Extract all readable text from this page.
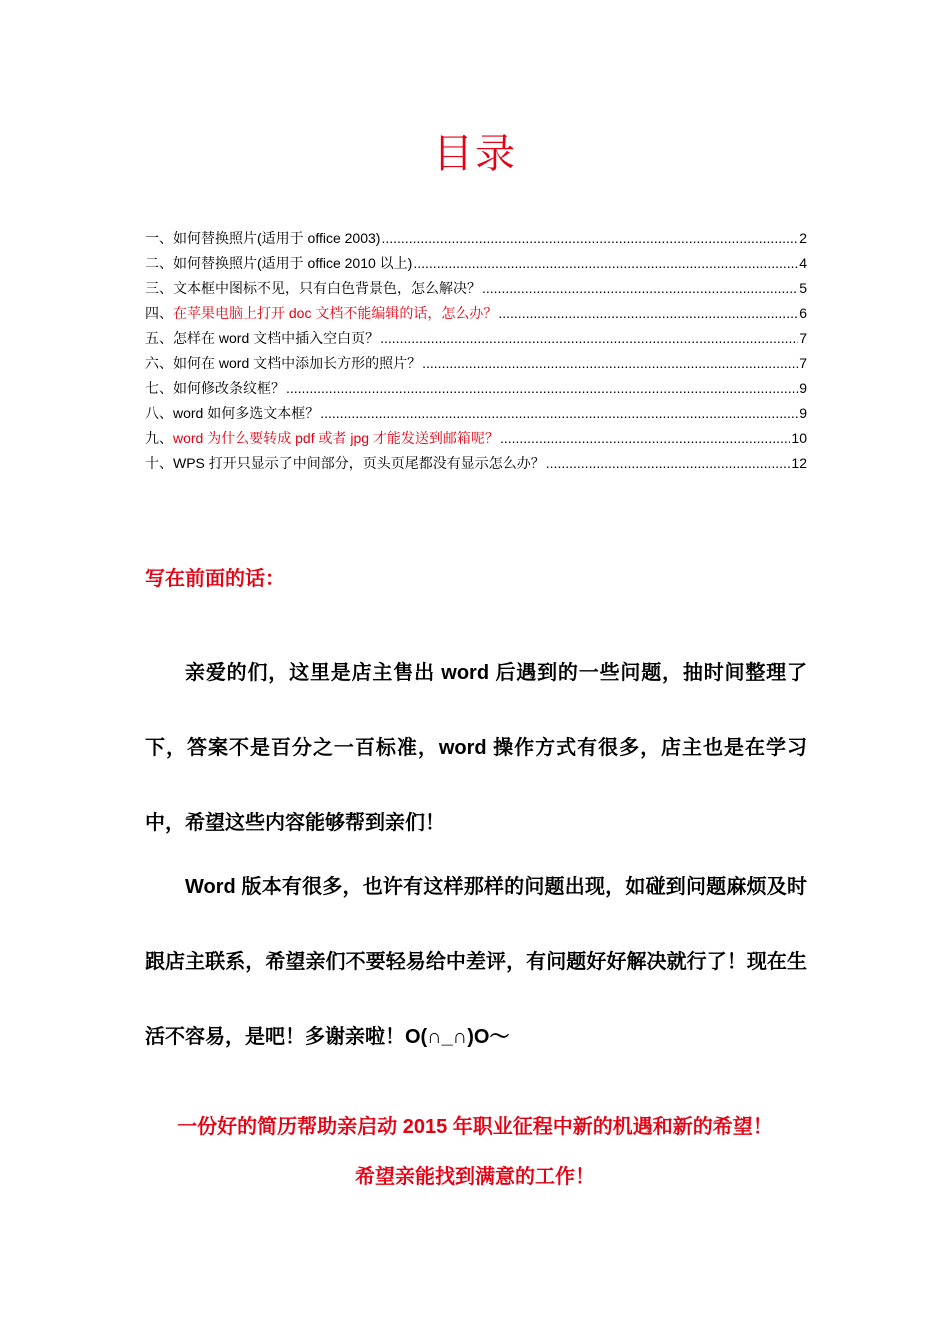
目录
一、如何替换照片(适用于 office 2003) .....	2
二、如何替换照片(适用于 office 2010 以上) .....	4
三、文本框中图标不见，只有白色背景色，怎么解决？ .....	5
四、在苹果电脑上打开 doc 文档不能编辑的话，怎么办？ .....	6
五、怎样在 word 文档中插入空白页？ .....	7
六、如何在 word 文档中添加长方形的照片？ .....	7
七、如何修改条纹框？ .....	9
八、word 如何多选文本框？ .....	9
九、word 为什么要转成 pdf 或者 jpg 才能发送到邮箱呢？ .....	10
十、WPS 打开只显示了中间部分，页头页尾都没有显示怎么办？ .....	12
写在前面的话：

亲爱的们，这里是店主售出 word 后遇到的一些问题，抽时间整理了下，答案不是百分之一百标准，word 操作方式有很多，店主也是在学习中，希望这些内容能够帮到亲们！

Word 版本有很多，也许有这样那样的问题出现，如碰到问题麻烦及时跟店主联系，希望亲们不要轻易给中差评，有问题好好解决就行了！现在生活不容易，是吧！多谢亲啦！O(∩_∩)O～

一份好的简历帮助亲启动 2015 年职业征程中新的机遇和新的希望！
希望亲能找到满意的工作！
